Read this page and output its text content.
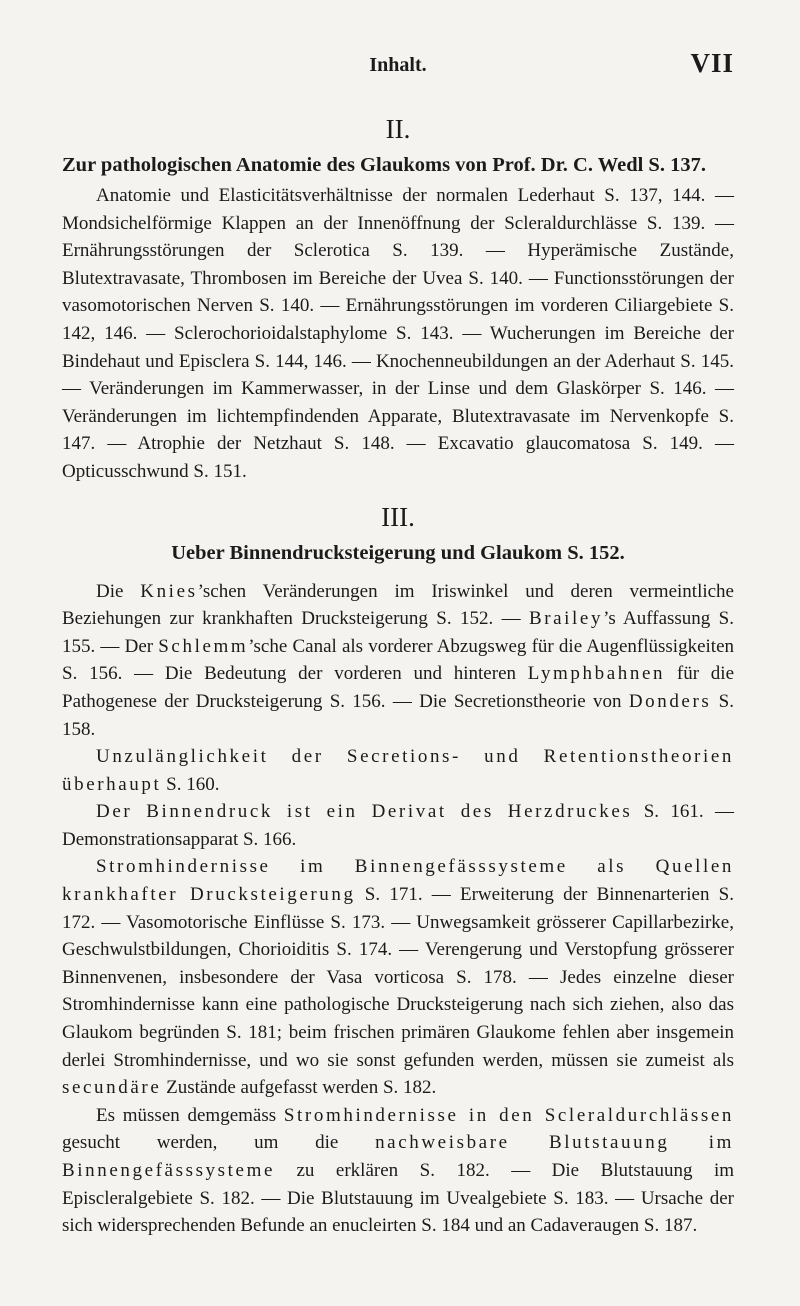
Inhalt.	VII
II.
Zur pathologischen Anatomie des Glaukoms von Prof. Dr. C. Wedl S. 137.

Anatomie und Elasticitätsverhältnisse der normalen Lederhaut S. 137, 144. — Mondsichelförmige Klappen an der Innenöffnung der Scleraldurchlässe S. 139. — Ernährungsstörungen der Sclerotica S. 139. — Hyperämische Zustände, Blutextravasate, Thrombosen im Bereiche der Uvea S. 140. — Functionsstörungen der vasomotorischen Nerven S. 140. — Ernährungsstörungen im vorderen Ciliargebiete S. 142, 146. — Sclerochorioidalstaphylome S. 143. — Wucherungen im Bereiche der Bindehaut und Episclera S. 144, 146. — Knochenneubildungen an der Aderhaut S. 145. — Veränderungen im Kammerwasser, in der Linse und dem Glaskörper S. 146. — Veränderungen im lichtempfindenden Apparate, Blutextravasate im Nervenkopfe S. 147. — Atrophie der Netzhaut S. 148. — Excavatio glaucomatosa S. 149. — Opticusschwund S. 151.

III.
Ueber Binnendrucksteigerung und Glaukom S. 152.

Die Knies’schen Veränderungen im Iriswinkel und deren vermeintliche Beziehungen zur krankhaften Drucksteigerung S. 152. — Brailey’s Auffassung S. 155. — Der Schlemm’sche Canal als vorderer Abzugsweg für die Augenflüssigkeiten S. 156. — Die Bedeutung der vorderen und hinteren Lymphbahnen für die Pathogenese der Drucksteigerung S. 156. — Die Secretionstheorie von Donders S. 158.

Unzulänglichkeit der Secretions- und Retentionstheorien überhaupt S. 160.

Der Binnendruck ist ein Derivat des Herzdruckes S. 161. — Demonstrationsapparat S. 166.

Stromhindernisse im Binnengefässsysteme als Quellen krankhafter Drucksteigerung S. 171. — Erweiterung der Binnenarterien S. 172. — Vasomotorische Einflüsse S. 173. — Unwegsamkeit grösserer Capillarbezirke, Geschwulstbildungen, Chorioiditis S. 174. — Verengerung und Verstopfung grösserer Binnenvenen, insbesondere der Vasa vorticosa S. 178. — Jedes einzelne dieser Stromhindernisse kann eine pathologische Drucksteigerung nach sich ziehen, also das Glaukom begründen S. 181; beim frischen primären Glaukome fehlen aber insgemein derlei Stromhindernisse, und wo sie sonst gefunden werden, müssen sie zumeist als secundäre Zustände aufgefasst werden S. 182.

Es müssen demgemäss Stromhindernisse in den Scleraldurchlässen gesucht werden, um die nachweisbare Blutstauung im Binnengefässsysteme zu erklären S. 182. — Die Blutstauung im Episcleralgebiete S. 182. — Die Blutstauung im Uvealgebiete S. 183. — Ursache der sich widersprechenden Befunde an enucleirten S. 184 und an Cadaveraugen S. 187.
